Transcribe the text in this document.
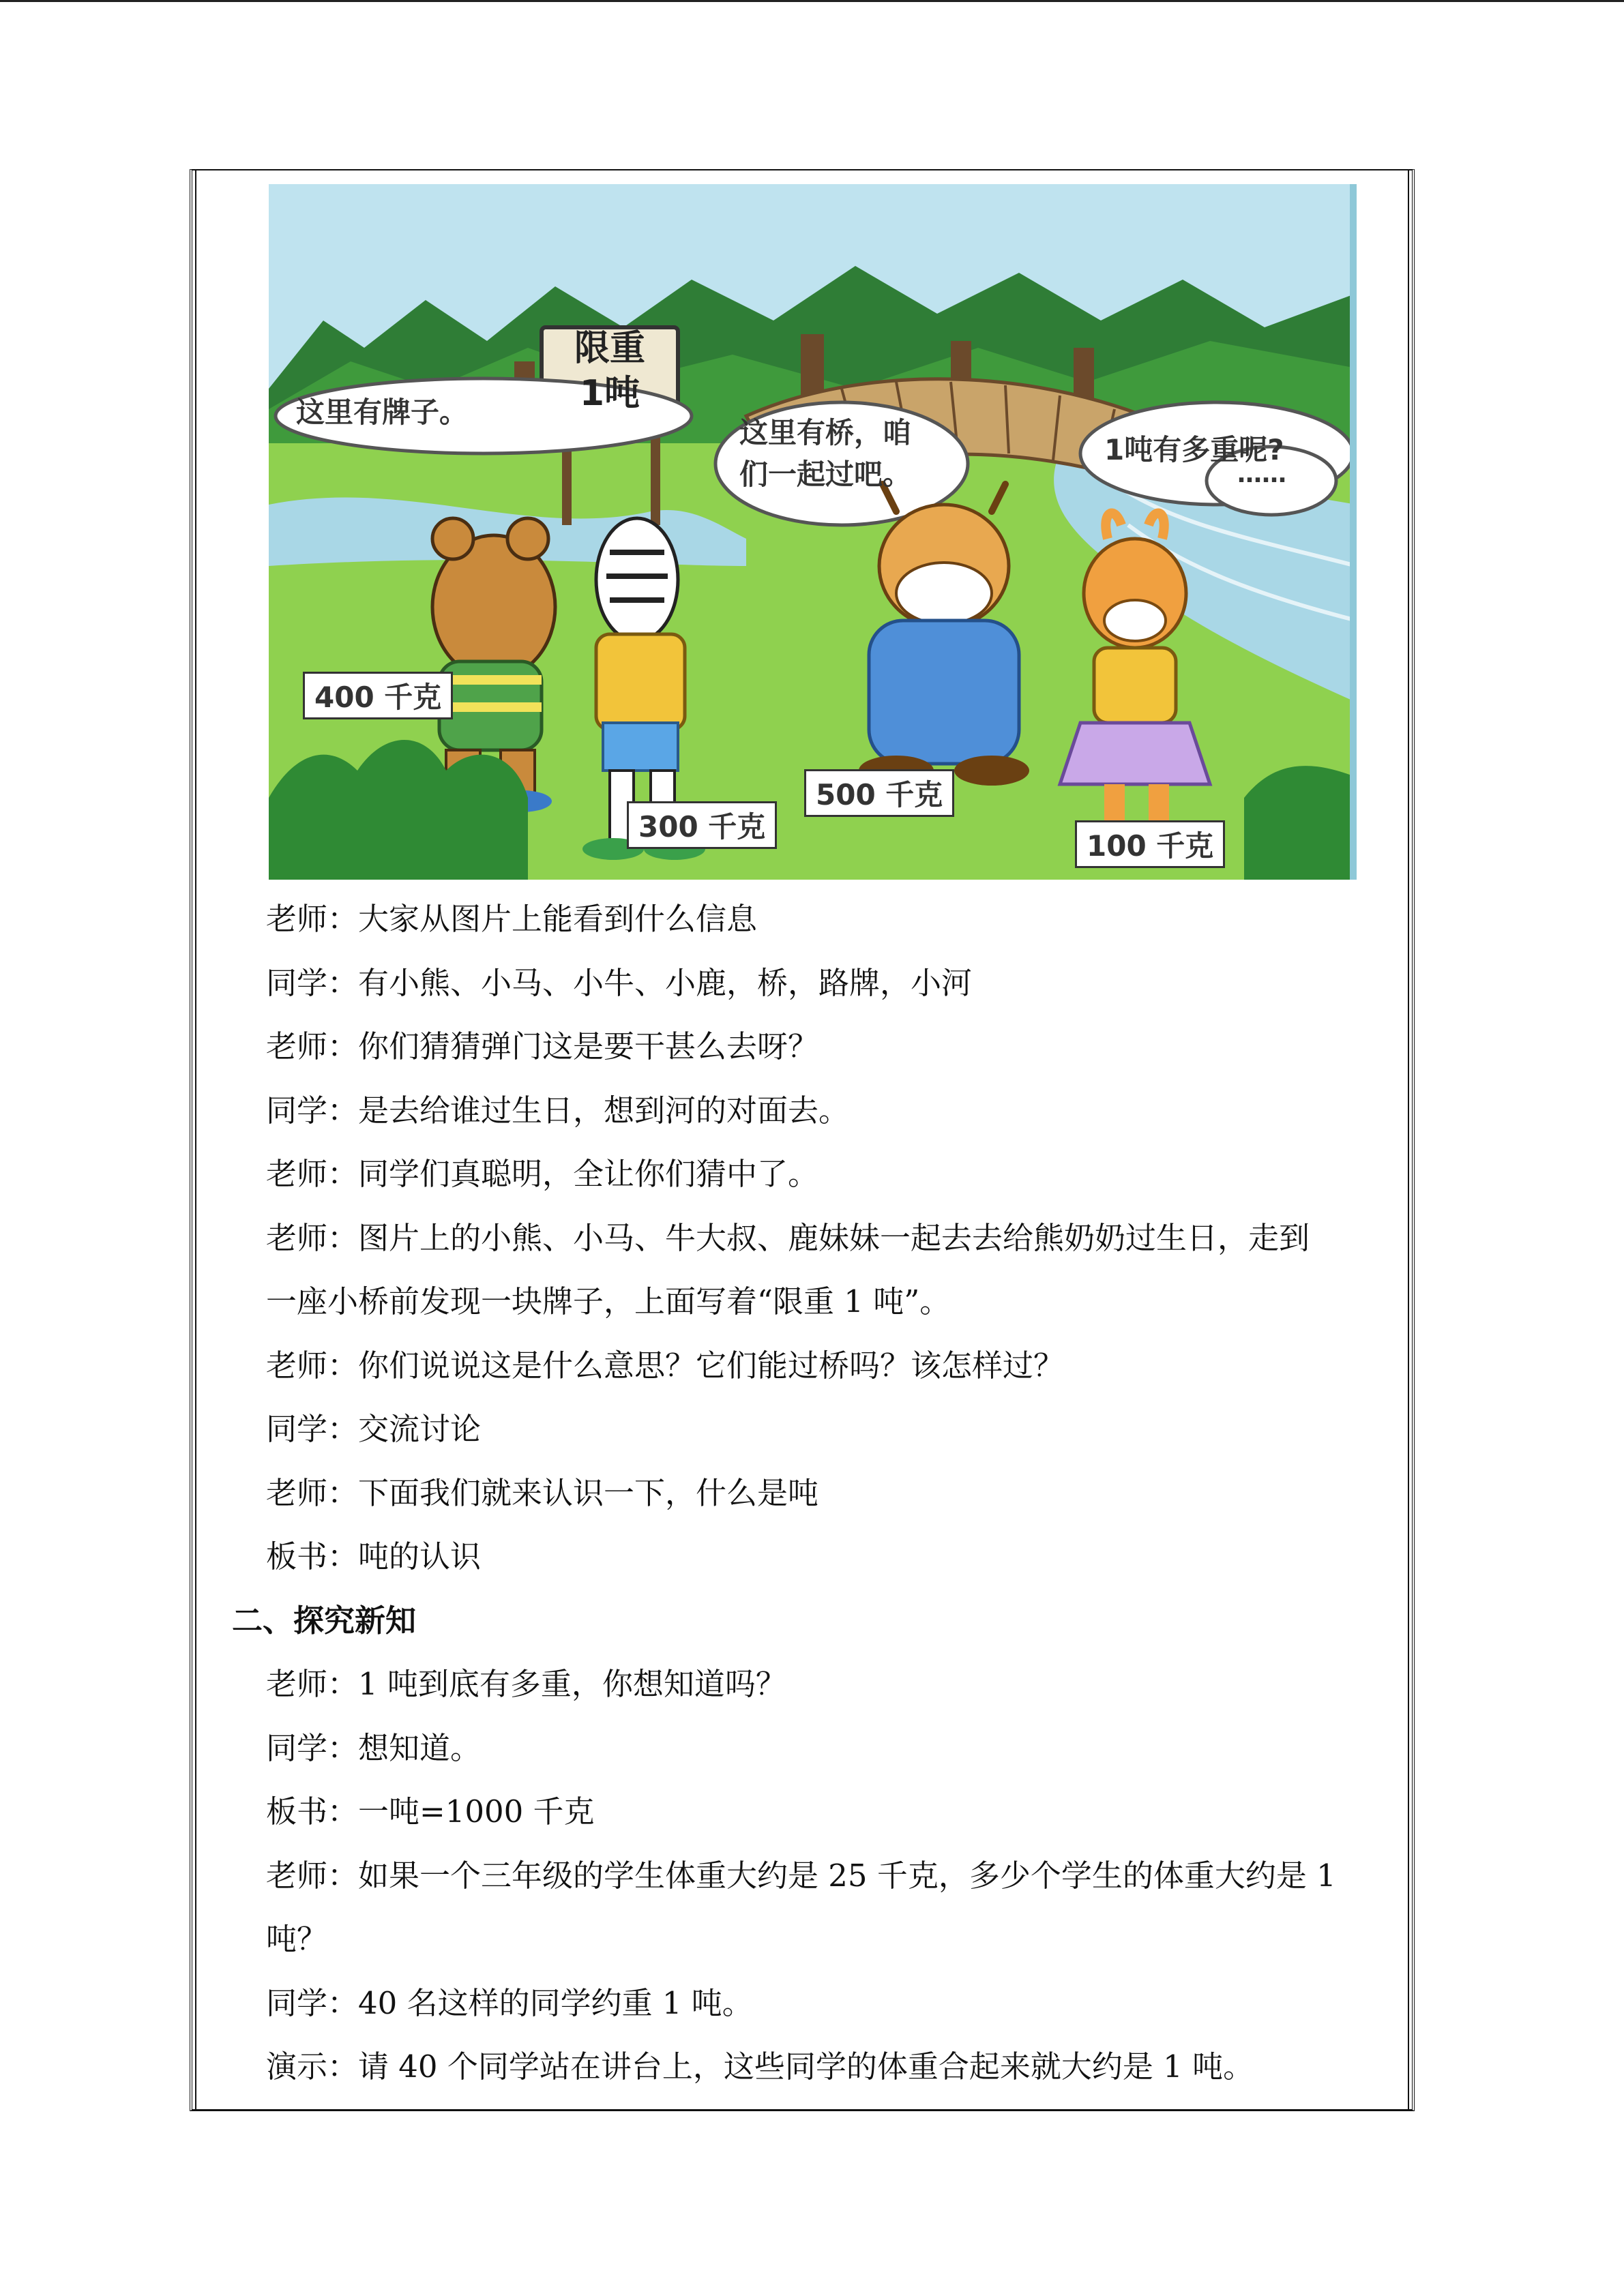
限重
1吨
这里有牌子。
这里有桥，咱
们一起过吧。
1吨有多重呢?
……
400 千克
300 千克
500 千克
100 千克
老师：大家从图片上能看到什么信息
同学：有小熊、小马、小牛、小鹿，桥，路牌，小河
老师：你们猜猜弹门这是要干甚么去呀？
同学：是去给谁过生日，想到河的对面去。
老师：同学们真聪明，全让你们猜中了。
老师：图片上的小熊、小马、牛大叔、鹿妹妹一起去去给熊奶奶过生日，走到
一座小桥前发现一块牌子，上面写着“限重 1 吨”。
老师：你们说说这是什么意思？它们能过桥吗？该怎样过？
同学：交流讨论
老师：下面我们就来认识一下，什么是吨
板书：吨的认识
二、探究新知
老师：1 吨到底有多重，你想知道吗？
同学：想知道。
板书：一吨=1000 千克
老师：如果一个三年级的学生体重大约是 25 千克，多少个学生的体重大约是 1
吨？
同学：40 名这样的同学约重 1 吨。
演示：请 40 个同学站在讲台上，这些同学的体重合起来就大约是 1 吨。
